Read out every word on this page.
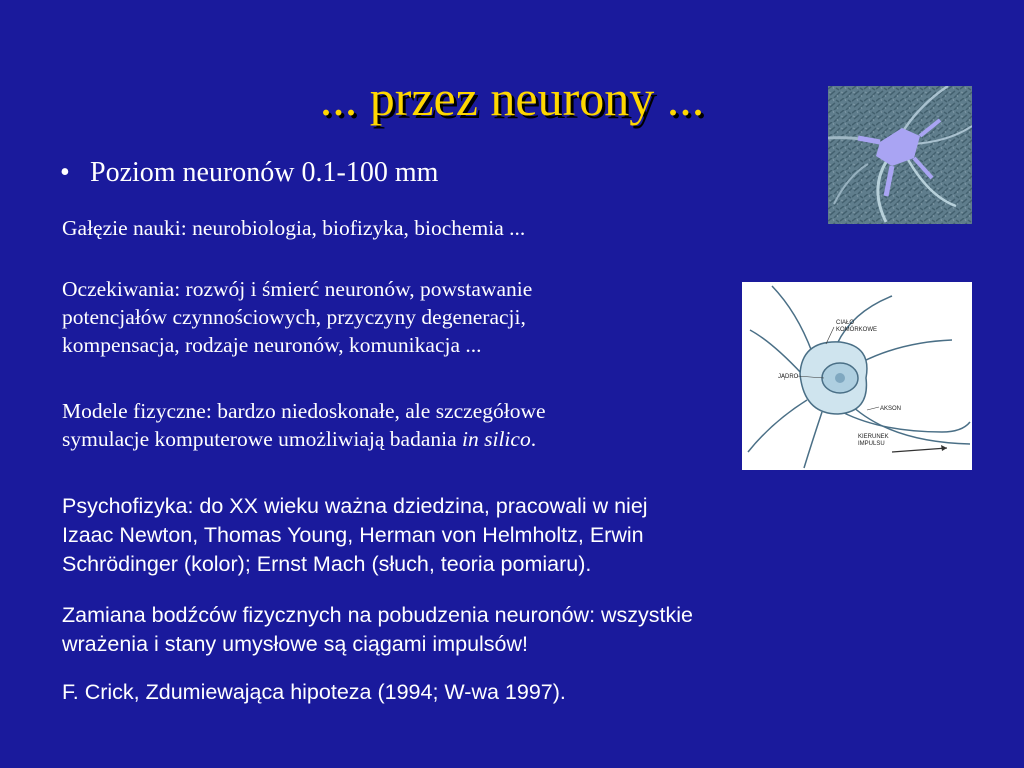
... przez neurony ...
• Poziom neuronów 0.1-100 mm
Gałęzie nauki: neurobiologia, biofizyka, biochemia ...
Oczekiwania: rozwój i śmierć neuronów, powstawanie
potencjałów czynnościowych, przyczyny degeneracji,
kompensacja, rodzaje neuronów, komunikacja ...
Modele fizyczne: bardzo niedoskonałe, ale szczegółowe
symulacje komputerowe umożliwiają badania in silico.
Psychofizyka: do XX wieku ważna dziedzina, pracowali w niej
Izaac Newton, Thomas Young, Herman von Helmholtz, Erwin
Schrödinger (kolor); Ernst Mach (słuch, teoria pomiaru).
Zamiana bodźców fizycznych na pobudzenia neuronów: wszystkie
wrażenia i stany umysłowe są ciągami impulsów!
F. Crick, Zdumiewająca hipoteza (1994; W-wa 1997).
CIAŁO
KOMÓRKOWE
JĄDRO
AKSON
KIERUNEK
IMPULSU
